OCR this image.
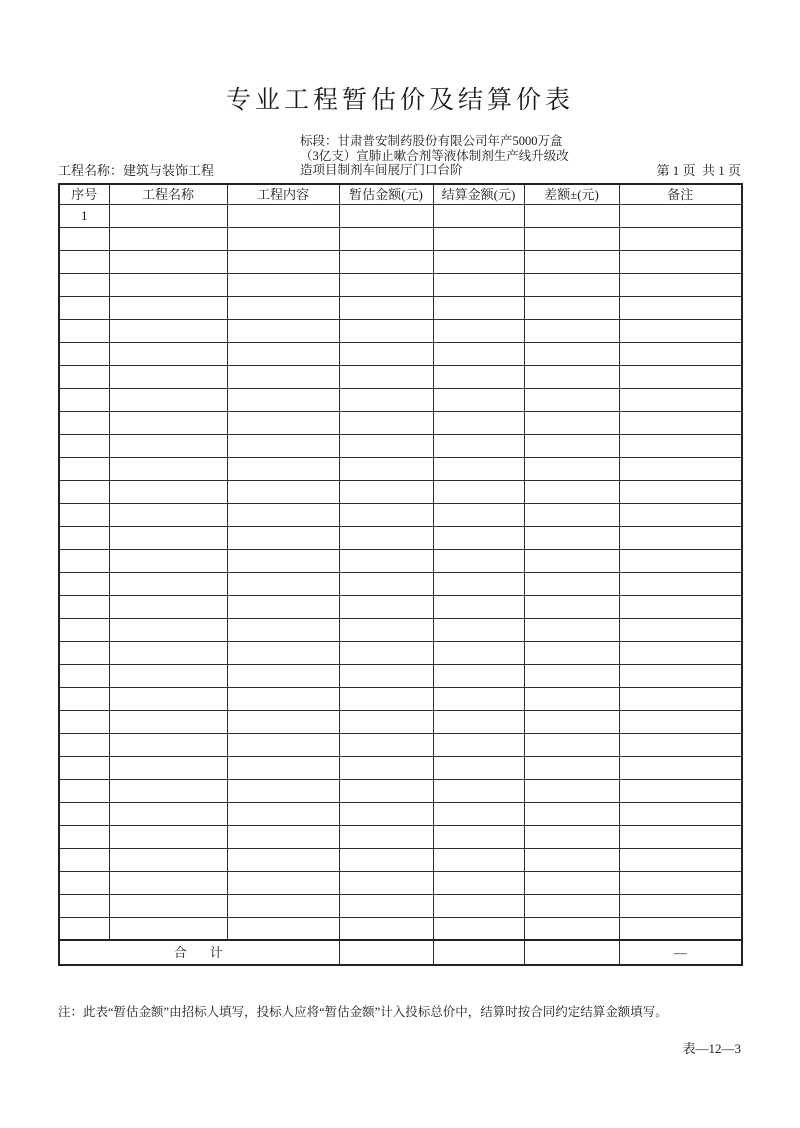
专业工程暂估价及结算价表
标段：甘肃普安制药股份有限公司年产5000万盒
（3亿支）宣肺止嗽合剂等液体制剂生产线升级改
造项目制剂车间展厅门口台阶
工程名称：建筑与装饰工程	第 1 页  共 1 页
序号	工程名称	工程内容	暂估金额(元)	结算金额(元)	差额±(元)	备注
1						

合    计						—
注：此表“暂估金额”由招标人填写，投标人应将“暂估金额”计入投标总价中，结算时按合同约定结算金额填写。
表—12—3
